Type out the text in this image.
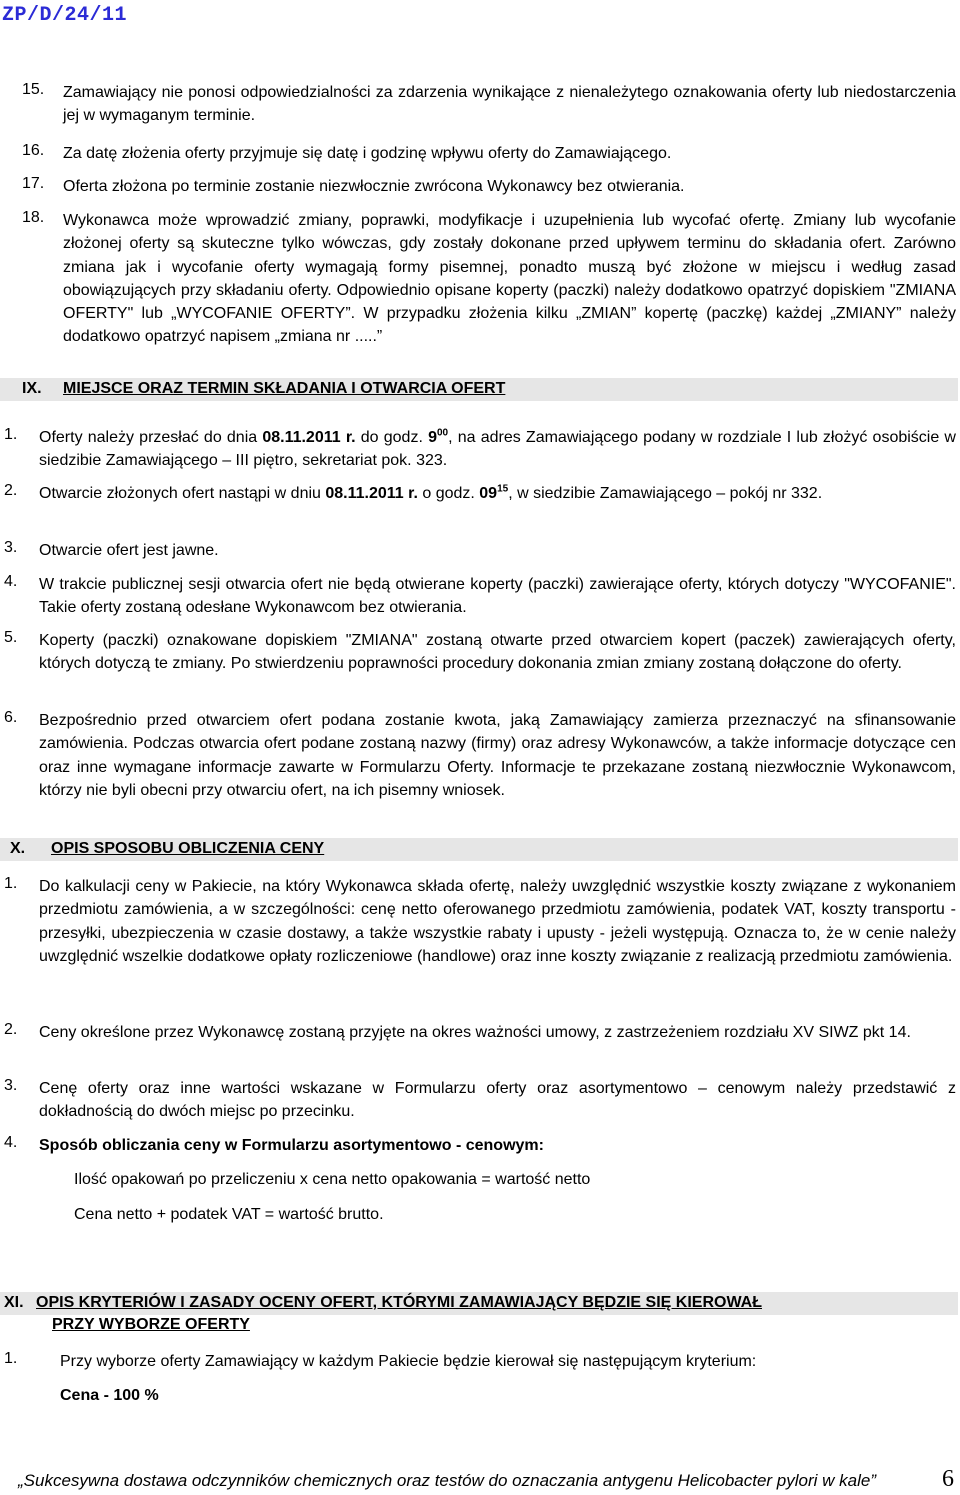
ZP/D/24/11
15. Zamawiający nie ponosi odpowiedzialności za zdarzenia wynikające z nienależytego oznakowania oferty lub niedostarczenia jej w wymaganym terminie.
16. Za datę złożenia oferty przyjmuje się datę i godzinę wpływu oferty do Zamawiającego.
17. Oferta złożona po terminie zostanie niezwłocznie zwrócona Wykonawcy bez otwierania.
18. Wykonawca może wprowadzić zmiany, poprawki, modyfikacje i uzupełnienia lub wycofać ofertę. Zmiany lub wycofanie złożonej oferty są skuteczne tylko wówczas, gdy zostały dokonane przed upływem terminu do składania ofert. Zarówno zmiana jak i wycofanie oferty wymagają formy pisemnej, ponadto muszą być złożone w miejscu i według zasad obowiązujących przy składaniu oferty. Odpowiednio opisane koperty (paczki) należy dodatkowo opatrzyć dopiskiem "ZMIANA OFERTY" lub „WYCOFANIE OFERTY”. W przypadku złożenia kilku „ZMIAN” kopertę (paczkę) każdej „ZMIANY” należy dodatkowo opatrzyć napisem „zmiana nr .....”
IX. MIEJSCE ORAZ TERMIN SKŁADANIA I OTWARCIA OFERT
1. Oferty należy przesłać do dnia 08.11.2011 r. do godz. $9^{00}$, na adres Zamawiającego podany w rozdziale I lub złożyć osobiście w siedzibie Zamawiającego – III piętro, sekretariat pok. 323.
2. Otwarcie złożonych ofert nastąpi w dniu 08.11.2011 r. o godz. $09^{15}$, w siedzibie Zamawiającego – pokój nr 332.
3. Otwarcie ofert jest jawne.
4. W trakcie publicznej sesji otwarcia ofert nie będą otwierane koperty (paczki) zawierające oferty, których dotyczy "WYCOFANIE". Takie oferty zostaną odesłane Wykonawcom bez otwierania.
5. Koperty (paczki) oznakowane dopiskiem "ZMIANA" zostaną otwarte przed otwarciem kopert (paczek) zawierających oferty, których dotyczą te zmiany. Po stwierdzeniu poprawności procedury dokonania zmian zmiany zostaną dołączone do oferty.
6. Bezpośrednio przed otwarciem ofert podana zostanie kwota, jaką Zamawiający zamierza przeznaczyć na sfinansowanie zamówienia. Podczas otwarcia ofert podane zostaną nazwy (firmy) oraz adresy Wykonawców, a także informacje dotyczące cen oraz inne wymagane informacje zawarte w Formularzu Oferty. Informacje te przekazane zostaną niezwłocznie Wykonawcom, którzy nie byli obecni przy otwarciu ofert, na ich pisemny wniosek.
X. OPIS SPOSOBU OBLICZENIA CENY
1. Do kalkulacji ceny w Pakiecie, na który Wykonawca składa ofertę, należy uwzględnić wszystkie koszty związane z wykonaniem przedmiotu zamówienia, a w szczególności: cenę netto oferowanego przedmiotu zamówienia, podatek VAT, koszty transportu - przesyłki, ubezpieczenia w czasie dostawy, a także wszystkie rabaty i upusty - jeżeli występują. Oznacza to, że w cenie należy uwzględnić wszelkie dodatkowe opłaty rozliczeniowe (handlowe) oraz inne koszty związanie z realizacją przedmiotu zamówienia.
2. Ceny określone przez Wykonawcę zostaną przyjęte na okres ważności umowy, z zastrzeżeniem rozdziału XV SIWZ pkt 14.
3. Cenę oferty oraz inne wartości wskazane w Formularzu oferty oraz asortymentowo – cenowym należy przedstawić z dokładnością do dwóch miejsc po przecinku.
4. Sposób obliczania ceny w Formularzu asortymentowo - cenowym:
Ilość opakowań po przeliczeniu x cena netto opakowania = wartość netto
Cena netto + podatek VAT = wartość brutto.
XI. OPIS KRYTERIÓW I ZASADY OCENY OFERT, KTÓRYMI ZAMAWIAJĄCY BĘDZIE SIĘ KIEROWAŁ
PRZY WYBORZE OFERTY
1.	Przy wyborze oferty Zamawiający w każdym Pakiecie będzie kierował się następującym kryterium:
Cena - 100 %
„Sukcesywna dostawa odczynników chemicznych oraz testów do oznaczania antygenu Helicobacter pylori w kale”	6
